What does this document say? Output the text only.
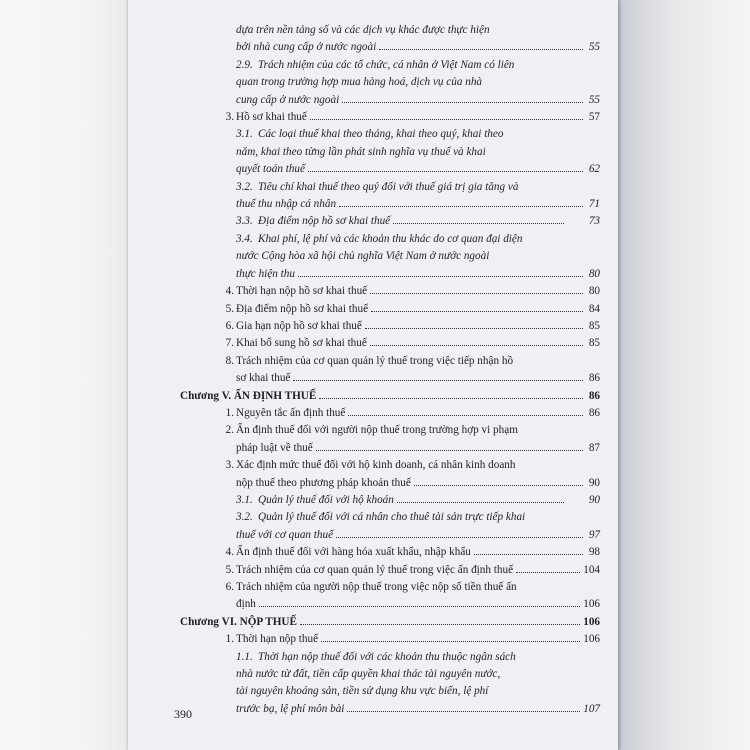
dựa trên nền tảng số và các dịch vụ khác được thực hiện
bởi nhà cung cấp ở nước ngoài	55
2.9. Trách nhiệm của các tổ chức, cá nhân ở Việt Nam có liên
quan trong trường hợp mua hàng hoá, dịch vụ của nhà
cung cấp ở nước ngoài	55
3. Hồ sơ khai thuế	57
3.1. Các loại thuế khai theo tháng, khai theo quý, khai theo
năm, khai theo từng lần phát sinh nghĩa vụ thuế và khai
quyết toán thuế	62
3.2. Tiêu chí khai thuế theo quý đối với thuế giá trị gia tăng và
thuế thu nhập cá nhân	71
3.3. Địa điểm nộp hồ sơ khai thuế	73
3.4. Khai phí, lệ phí và các khoản thu khác do cơ quan đại diện
nước Cộng hòa xã hội chủ nghĩa Việt Nam ở nước ngoài
thực hiện thu	80
4. Thời hạn nộp hồ sơ khai thuế	80
5. Địa điểm nộp hồ sơ khai thuế	84
6. Gia hạn nộp hồ sơ khai thuế	85
7. Khai bổ sung hồ sơ khai thuế	85
8. Trách nhiệm của cơ quan quản lý thuế trong việc tiếp nhận hồ
sơ khai thuế	86
Chương V. ẤN ĐỊNH THUẾ	86
1. Nguyên tắc ấn định thuế	86
2. Ấn định thuế đối với người nộp thuế trong trường hợp vi phạm
pháp luật về thuế	87
3. Xác định mức thuế đối với hộ kinh doanh, cá nhân kinh doanh
nộp thuế theo phương pháp khoán thuế	90
3.1. Quản lý thuế đối với hộ khoán	90
3.2. Quản lý thuế đối với cá nhân cho thuê tài sản trực tiếp khai
thuế với cơ quan thuế	97
4. Ấn định thuế đối với hàng hóa xuất khẩu, nhập khẩu	98
5. Trách nhiệm của cơ quan quản lý thuế trong việc ấn định thuế	104
6. Trách nhiệm của người nộp thuế trong việc nộp số tiền thuế ấn
định	106
Chương VI. NỘP THUẾ	106
1. Thời hạn nộp thuế	106
1.1. Thời hạn nộp thuế đối với các khoản thu thuộc ngân sách
nhà nước từ đất, tiền cấp quyền khai thác tài nguyên nước,
tài nguyên khoáng sản, tiền sử dụng khu vực biển, lệ phí
trước bạ, lệ phí môn bài	107
390
